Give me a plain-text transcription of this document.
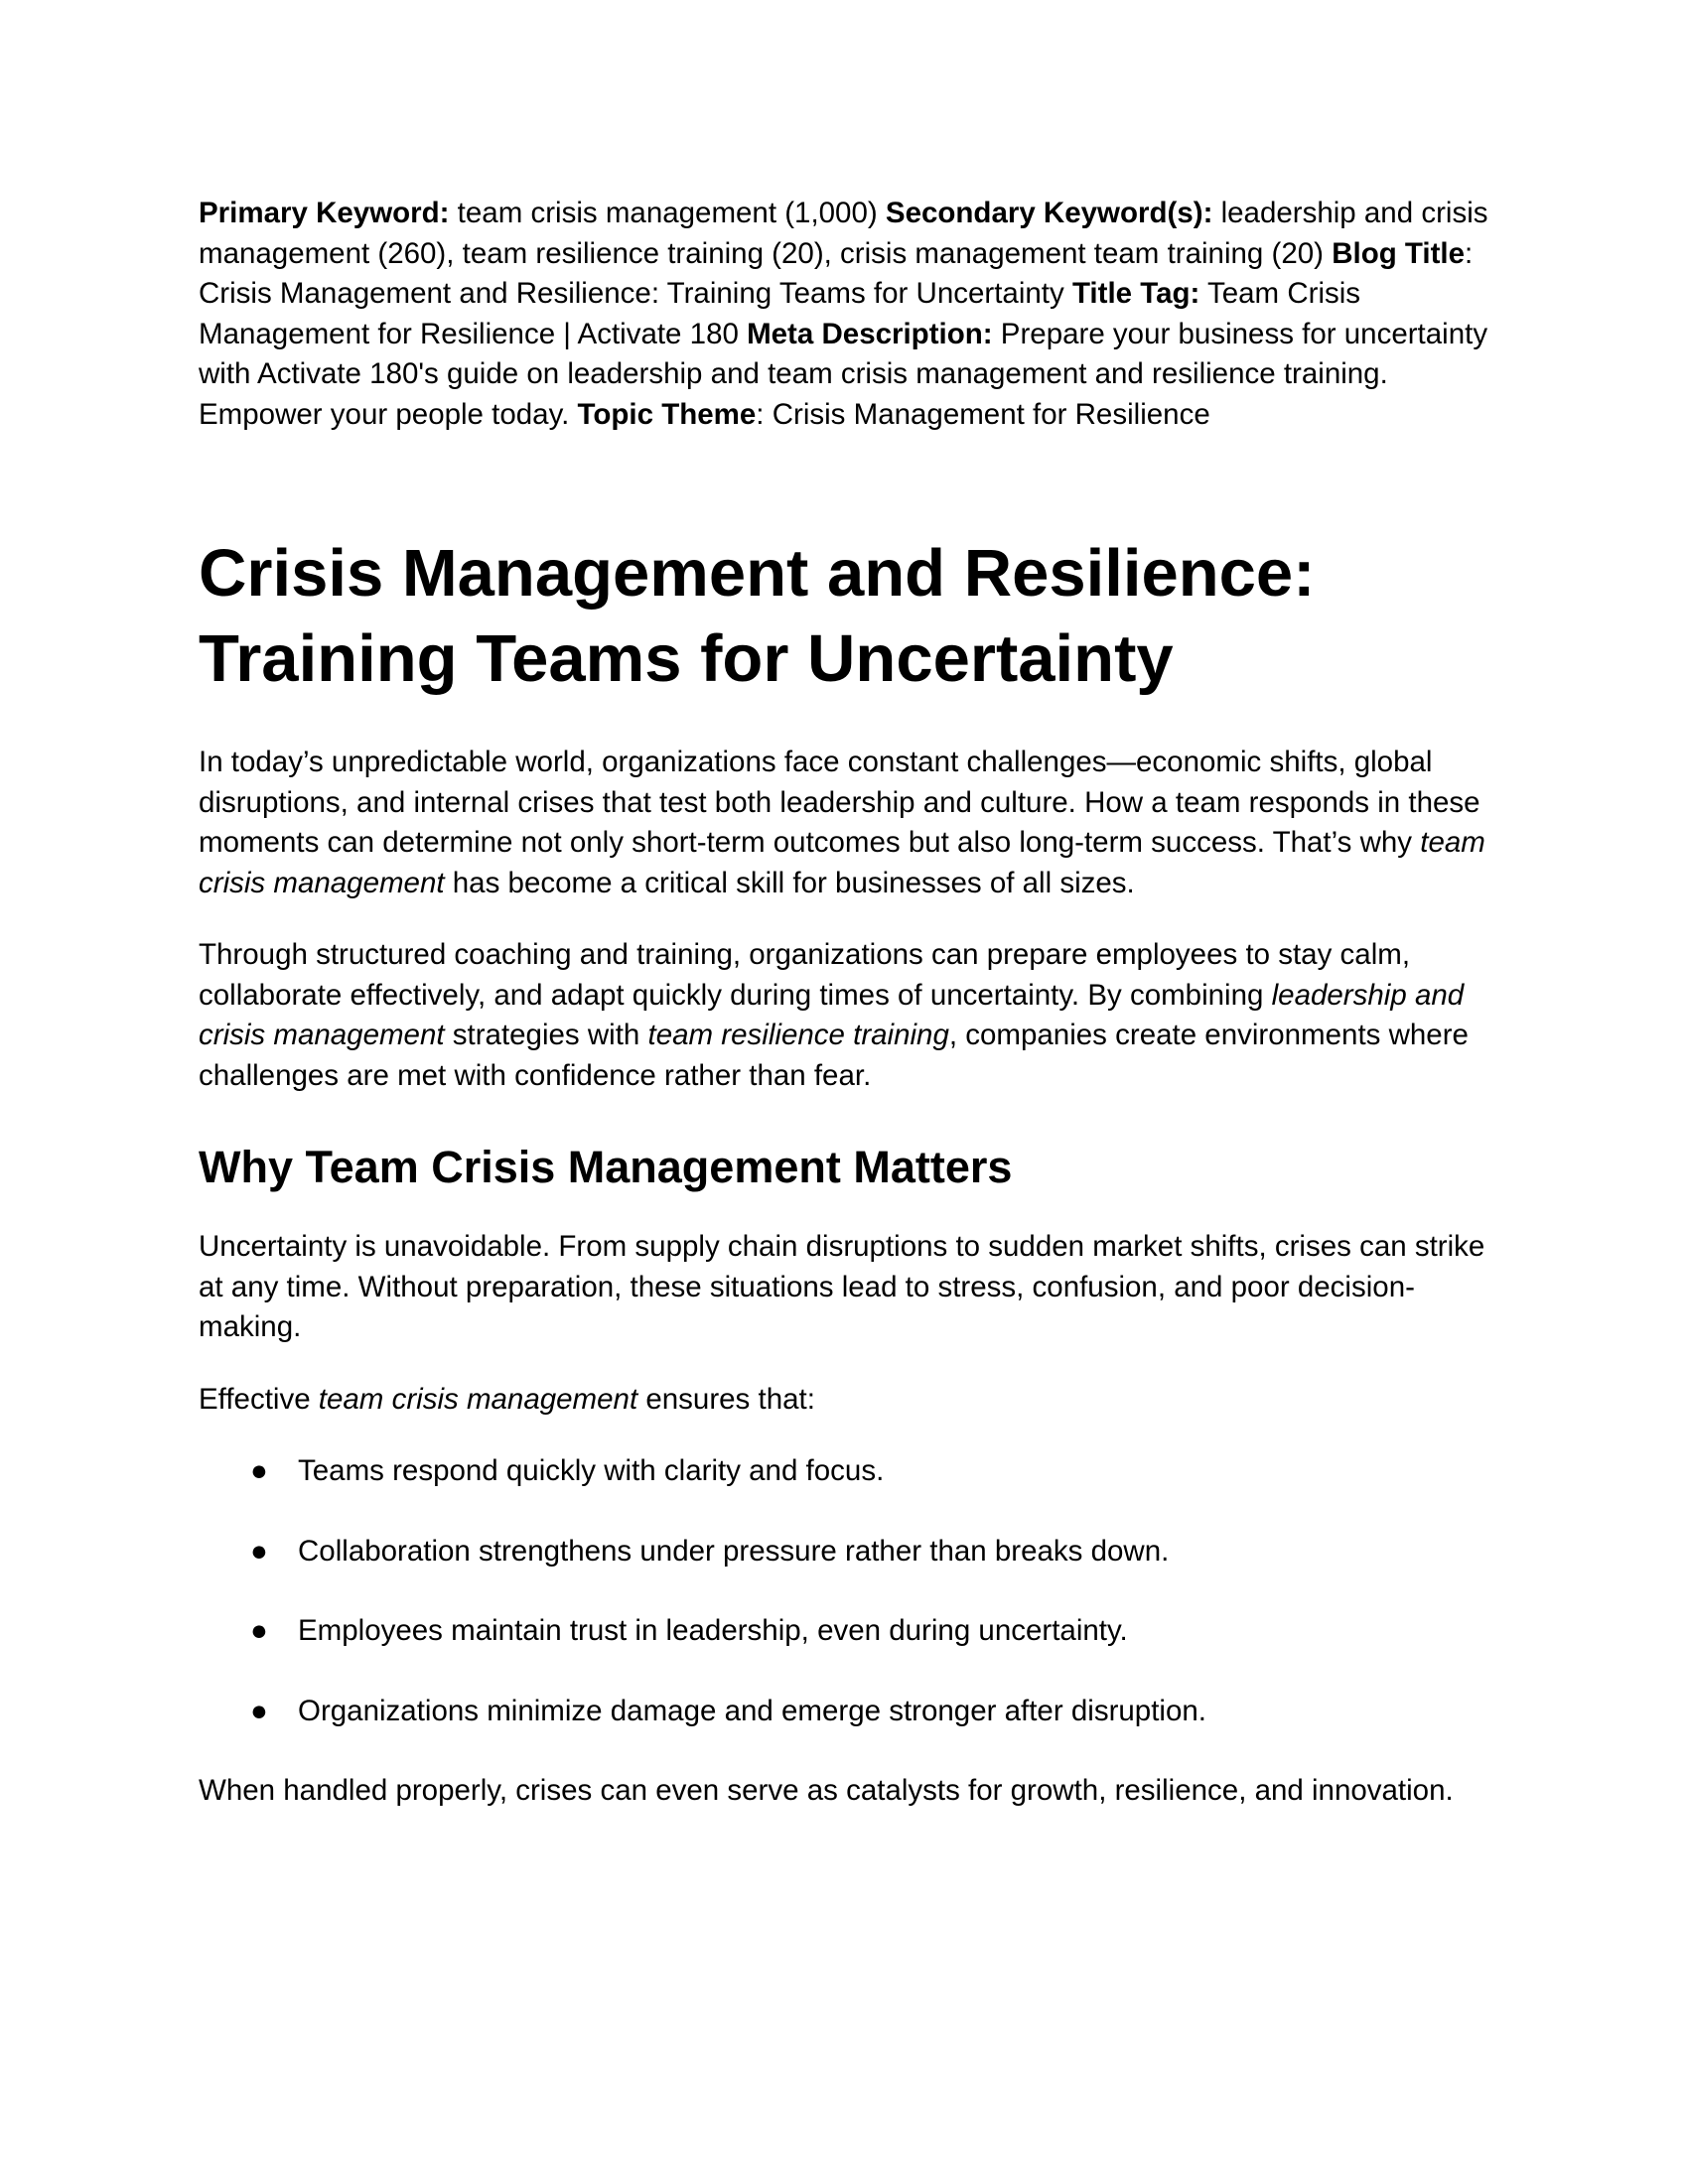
Primary Keyword: team crisis management (1,000) Secondary Keyword(s): leadership and crisis management (260), team resilience training (20), crisis management team training (20) Blog Title: Crisis Management and Resilience: Training Teams for Uncertainty Title Tag: Team Crisis Management for Resilience | Activate 180 Meta Description: Prepare your business for uncertainty with Activate 180's guide on leadership and team crisis management and resilience training. Empower your people today. Topic Theme: Crisis Management for Resilience

Crisis Management and Resilience:
Training Teams for Uncertainty

In today’s unpredictable world, organizations face constant challenges—economic shifts, global disruptions, and internal crises that test both leadership and culture. How a team responds in these moments can determine not only short-term outcomes but also long-term success. That’s why team crisis management has become a critical skill for businesses of all sizes.

Through structured coaching and training, organizations can prepare employees to stay calm, collaborate effectively, and adapt quickly during times of uncertainty. By combining leadership and crisis management strategies with team resilience training, companies create environments where challenges are met with confidence rather than fear.

Why Team Crisis Management Matters

Uncertainty is unavoidable. From supply chain disruptions to sudden market shifts, crises can strike at any time. Without preparation, these situations lead to stress, confusion, and poor decision-making.

Effective team crisis management ensures that:

● Teams respond quickly with clarity and focus.
● Collaboration strengthens under pressure rather than breaks down.
● Employees maintain trust in leadership, even during uncertainty.
● Organizations minimize damage and emerge stronger after disruption.

When handled properly, crises can even serve as catalysts for growth, resilience, and innovation.
